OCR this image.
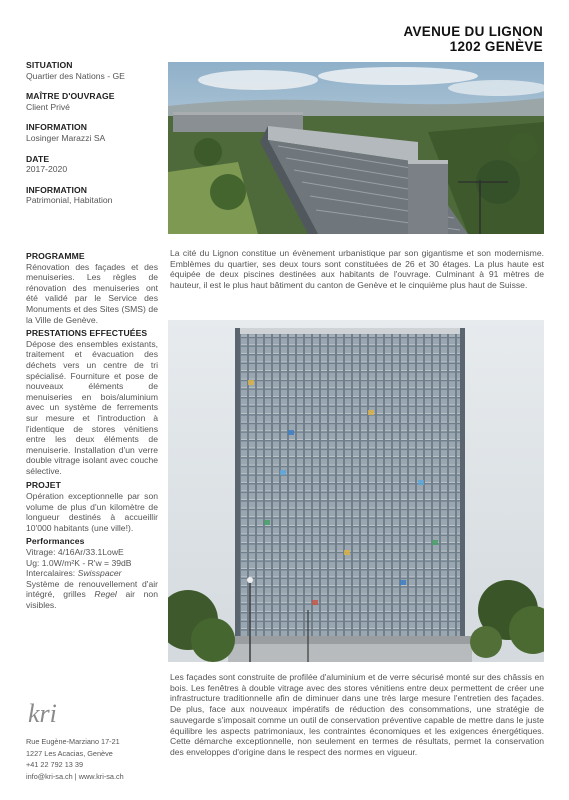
AVENUE DU LIGNON
1202 GENÈVE
SITUATION
Quartier des Nations - GE
MAÎTRE D'OUVRAGE
Client Privé
INFORMATION
Losinger Marazzi SA
DATE
2017-2020
INFORMATION
Patrimonial, Habitation
PROGRAMME
Rénovation des façades et des menuiseries. Les règles de rénovation des menuiseries ont été validé par le Service des Monuments et des Sites (SMS) de la Ville de Genève.
PRESTATIONS EFFECTUÉES
Dépose des ensembles existants, traitement et évacuation des déchets vers un centre de tri spécialisé. Fourniture et pose de nouveaux éléments de menuiseries en bois/aluminium avec un système de ferrements sur mesure et l'introduction à l'identique de stores vénitiens entre les deux éléments de menuiserie. Installation d'un verre double vitrage isolant avec couche sélective.
PROJET
Opération exceptionnelle par son volume de plus d'un kilomètre de longueur destinés à accueillir 10'000 habitants (une ville!).
Performances
Vitrage: 4/16Ar/33.1LowE
Ug: 1.0W/m²K - R'w = 39dB
Intercalaires: Swisspacer
Système de renouvellement d'air intégré, grilles Regel air non visibles.
La cité du Lignon constitue un évènement urbanistique par son gigantisme et son modernisme. Emblèmes du quartier, ses deux tours sont constituées de 26 et 30 étages. La plus haute est équipée de deux piscines destinées aux habitants de l'ouvrage. Culminant à 91 mètres de hauteur, il est le plus haut bâtiment du canton de Genève et le cinquième plus haut de Suisse.
Les façades sont construite de profilée d'aluminium et de verre sécurisé monté sur des châssis en bois. Les fenêtres à double vitrage avec des stores vénitiens entre deux permettent de créer une infrastructure traditionnelle afin de diminuer dans une très large mesure l'entretien des façades. De plus, face aux nouveaux impératifs de réduction des consommations, une stratégie de sauvegarde s'imposait comme un outil de conservation préventive capable de mettre dans le juste équilibre les aspects patrimoniaux, les contraintes économiques et les exigences énergétiques. Cette démarche exceptionnelle, non seulement en termes de résultats, permet la conservation des enveloppes d'origine dans le respect des normes en vigueur.
kri
Rue Eugène-Marziano 17-21
1227 Les Acacias, Genève
+41 22 792 13 39
info@kri-sa.ch | www.kri-sa.ch
